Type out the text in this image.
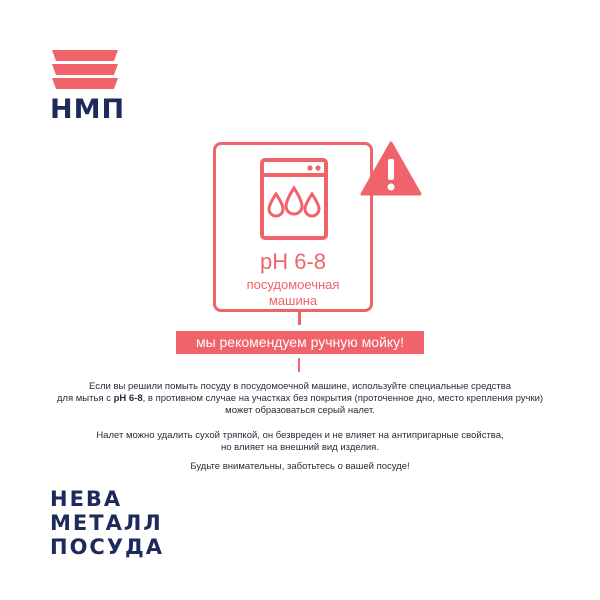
НМП
pH 6-8
посудомоечная
машина
мы рекомендуем ручную мойку!
Если вы решили помыть посуду в посудомоечной машине, используйте специальные средства
для мытья с pH 6-8, в противном случае на участках без покрытия (проточенное дно, место крепления ручки)
может образоваться серый налет.
Налет можно удалить сухой тряпкой, он безвреден и не влияет на антипригарные свойства,
но влияет на внешний вид изделия.
Будьте внимательны, заботьтесь о вашей посуде!
НЕВА
МЕТАЛЛ
ПОСУДА
